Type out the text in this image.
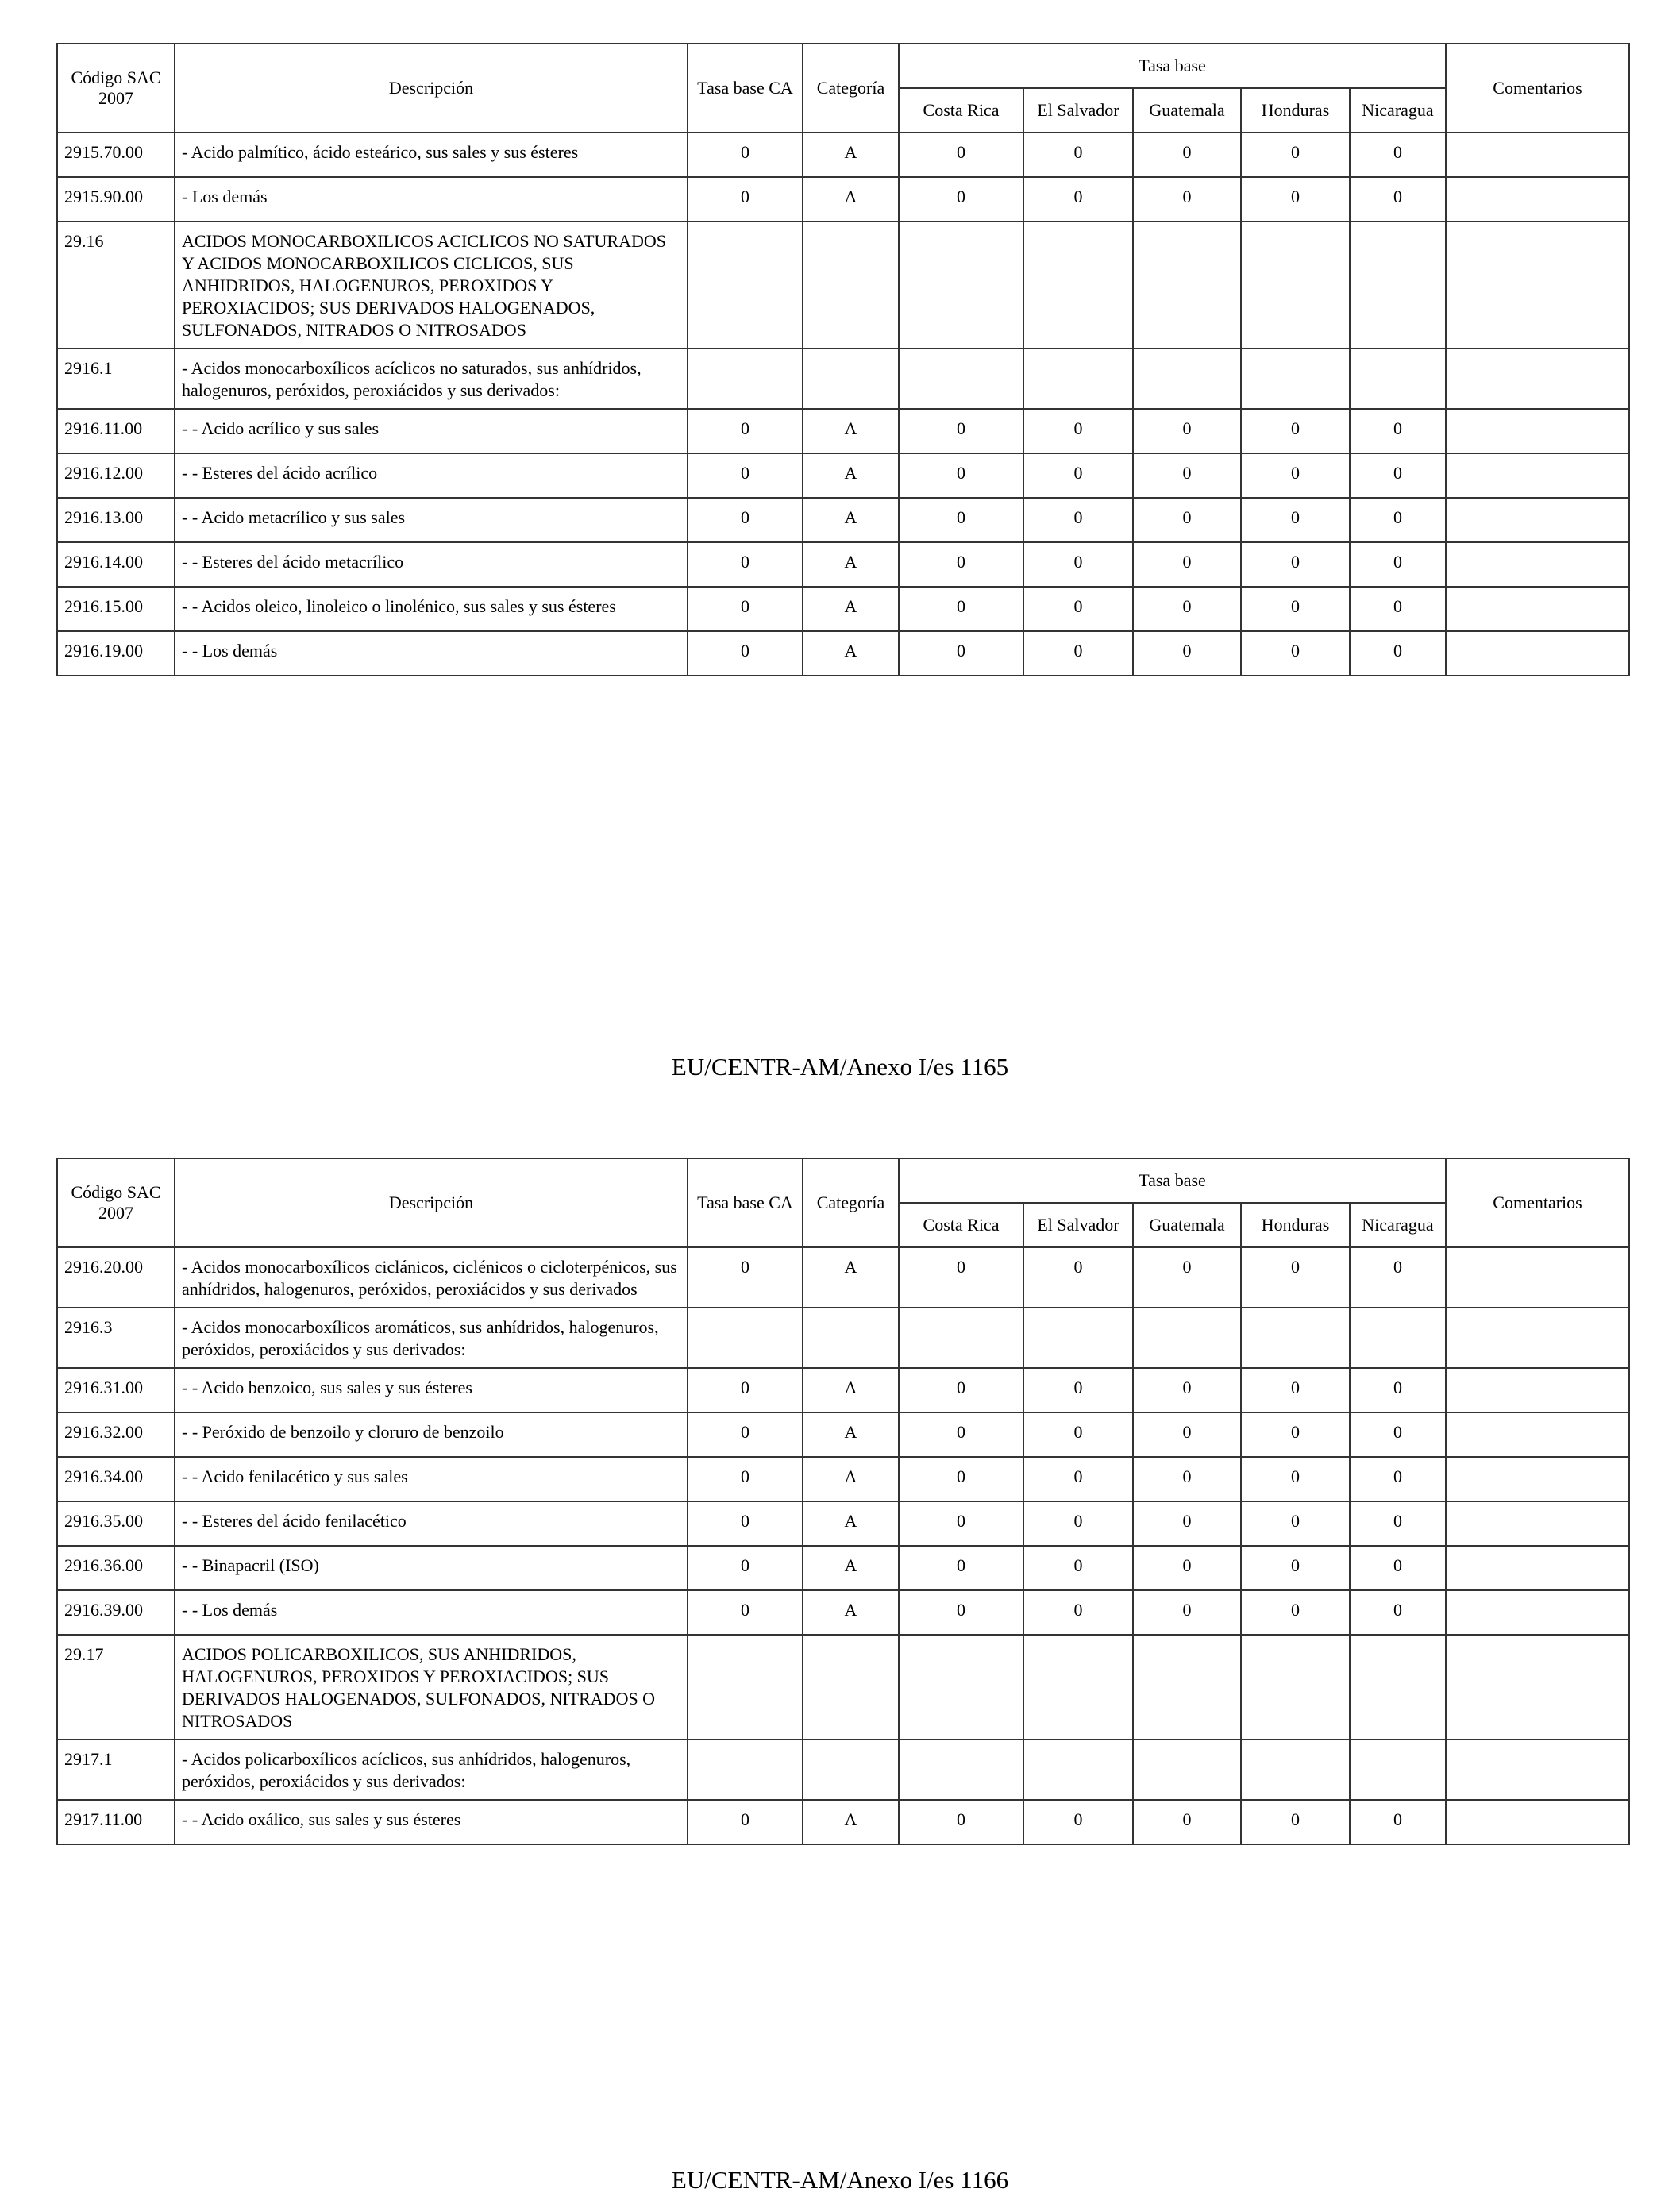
Código SAC 2007	Descripción	Tasa base CA	Categoría	Tasa base					Comentarios
				Costa Rica	El Salvador	Guatemala	Honduras	Nicaragua	
2915.70.00	- Acido palmítico, ácido esteárico, sus sales y sus ésteres	0	A	0	0	0	0	0	
2915.90.00	- Los demás	0	A	0	0	0	0	0	
29.16	ACIDOS MONOCARBOXILICOS ACICLICOS NO SATURADOS Y ACIDOS MONOCARBOXILICOS CICLICOS, SUS ANHIDRIDOS, HALOGENUROS, PEROXIDOS Y PEROXIACIDOS; SUS DERIVADOS HALOGENADOS, SULFONADOS, NITRADOS O NITROSADOS								
2916.1	- Acidos monocarboxílicos acíclicos no saturados, sus anhídridos, halogenuros, peróxidos, peroxiácidos y sus derivados:								
2916.11.00	- - Acido acrílico y sus sales	0	A	0	0	0	0	0	
2916.12.00	- - Esteres del ácido acrílico	0	A	0	0	0	0	0	
2916.13.00	- - Acido metacrílico y sus sales	0	A	0	0	0	0	0	
2916.14.00	- - Esteres del ácido metacrílico	0	A	0	0	0	0	0	
2916.15.00	- - Acidos oleico, linoleico o linolénico, sus sales y sus ésteres	0	A	0	0	0	0	0	
2916.19.00	- - Los demás	0	A	0	0	0	0	0	
EU/CENTR-AM/Anexo I/es 1165
Código SAC 2007	Descripción	Tasa base CA	Categoría	Tasa base					Comentarios
				Costa Rica	El Salvador	Guatemala	Honduras	Nicaragua	
2916.20.00	- Acidos monocarboxílicos ciclánicos, ciclénicos o cicloterpénicos, sus anhídridos, halogenuros, peróxidos, peroxiácidos y sus derivados	0	A	0	0	0	0	0	
2916.3	- Acidos monocarboxílicos aromáticos, sus anhídridos, halogenuros, peróxidos, peroxiácidos y sus derivados:								
2916.31.00	- - Acido benzoico, sus sales y sus ésteres	0	A	0	0	0	0	0	
2916.32.00	- - Peróxido de benzoilo y cloruro de benzoilo	0	A	0	0	0	0	0	
2916.34.00	- - Acido fenilacético y sus sales	0	A	0	0	0	0	0	
2916.35.00	- - Esteres del ácido fenilacético	0	A	0	0	0	0	0	
2916.36.00	- - Binapacril (ISO)	0	A	0	0	0	0	0	
2916.39.00	- - Los demás	0	A	0	0	0	0	0	
29.17	ACIDOS POLICARBOXILICOS, SUS ANHIDRIDOS, HALOGENUROS, PEROXIDOS Y PEROXIACIDOS; SUS DERIVADOS HALOGENADOS, SULFONADOS, NITRADOS O NITROSADOS								
2917.1	- Acidos policarboxílicos acíclicos, sus anhídridos, halogenuros, peróxidos, peroxiácidos y sus derivados:								
2917.11.00	- - Acido oxálico, sus sales y sus ésteres	0	A	0	0	0	0	0	
EU/CENTR-AM/Anexo I/es 1166
